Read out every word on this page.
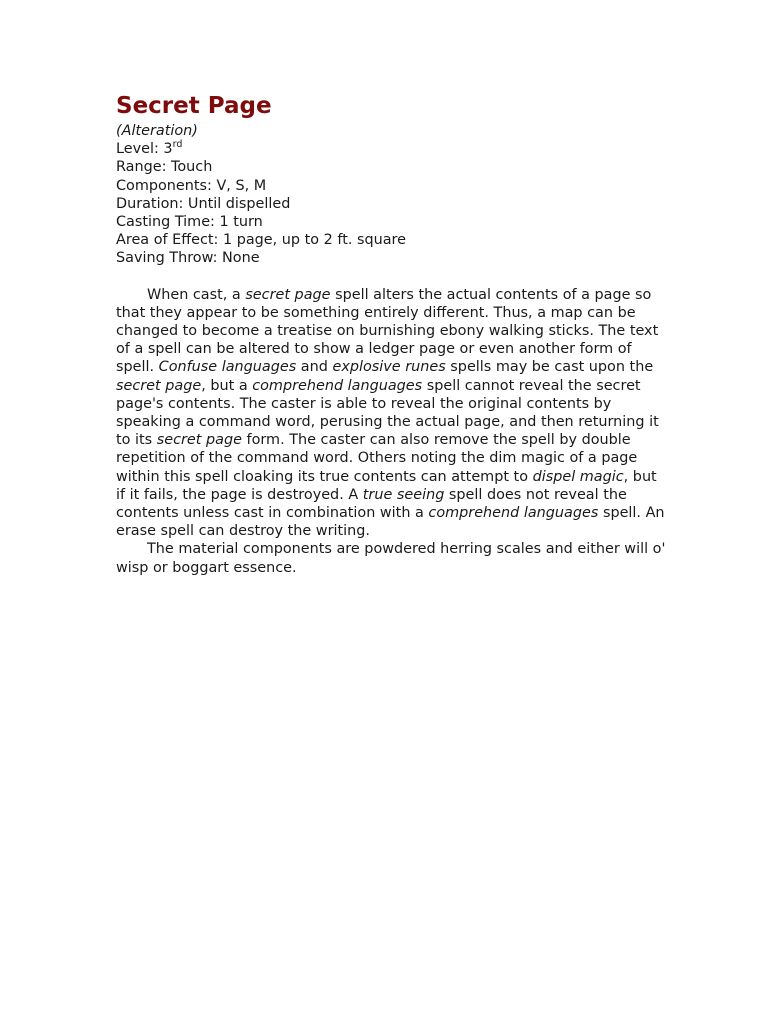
Secret Page
(Alteration)
Level: 3rd
Range: Touch
Components: V, S, M
Duration: Until dispelled
Casting Time: 1 turn
Area of Effect: 1 page, up to 2 ft. square
Saving Throw: None

When cast, a secret page spell alters the actual contents of a page so that they appear to be something entirely different. Thus, a map can be changed to become a treatise on burnishing ebony walking sticks. The text of a spell can be altered to show a ledger page or even another form of spell. Confuse languages and explosive runes spells may be cast upon the secret page, but a comprehend languages spell cannot reveal the secret page's contents. The caster is able to reveal the original contents by speaking a command word, perusing the actual page, and then returning it to its secret page form. The caster can also remove the spell by double repetition of the command word. Others noting the dim magic of a page within this spell cloaking its true contents can attempt to dispel magic, but if it fails, the page is destroyed. A true seeing spell does not reveal the contents unless cast in combination with a comprehend languages spell. An erase spell can destroy the writing.

The material components are powdered herring scales and either will o' wisp or boggart essence.
